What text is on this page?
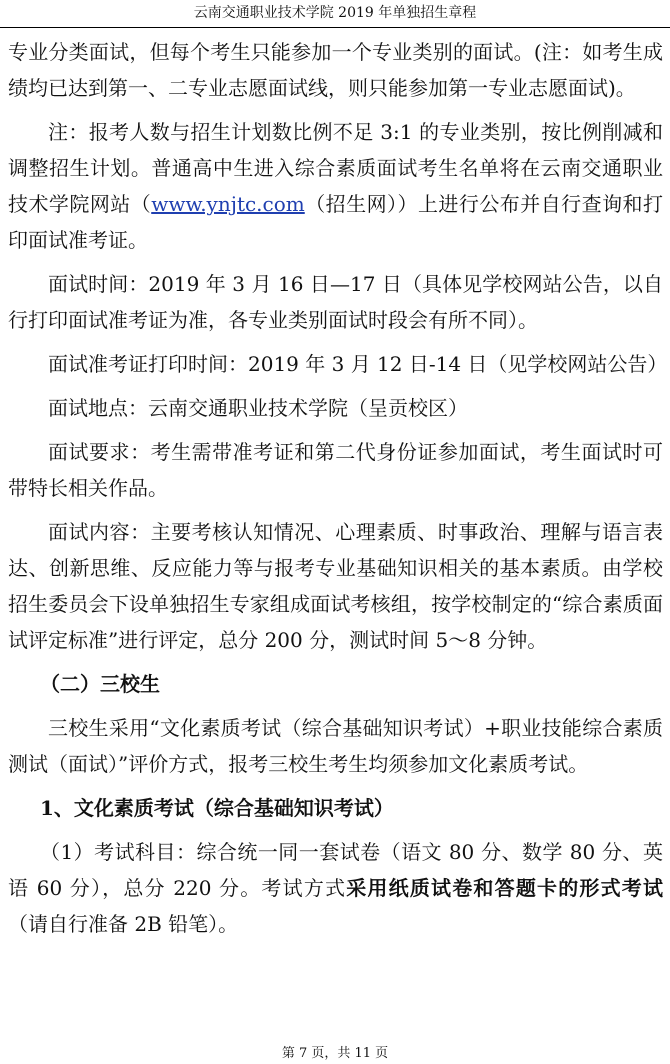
云南交通职业技术学院 2019 年单独招生章程

专业分类面试，但每个考生只能参加一个专业类别的面试。(注：如考生成绩均已达到第一、二专业志愿面试线，则只能参加第一专业志愿面试)。

注：报考人数与招生计划数比例不足 3:1 的专业类别，按比例削减和调整招生计划。普通高中生进入综合素质面试考生名单将在云南交通职业技术学院网站（www.ynjtc.com（招生网））上进行公布并自行查询和打印面试准考证。

面试时间：2019 年 3 月 16 日—17 日（具体见学校网站公告，以自行打印面试准考证为准，各专业类别面试时段会有所不同）。

面试准考证打印时间：2019 年 3 月 12 日-14 日（见学校网站公告）

面试地点：云南交通职业技术学院（呈贡校区）

面试要求：考生需带准考证和第二代身份证参加面试，考生面试时可带特长相关作品。

面试内容：主要考核认知情况、心理素质、时事政治、理解与语言表达、创新思维、反应能力等与报考专业基础知识相关的基本素质。由学校招生委员会下设单独招生专家组成面试考核组，按学校制定的“综合素质面试评定标准”进行评定，总分 200 分，测试时间 5～8 分钟。

（二）三校生

三校生采用“文化素质考试（综合基础知识考试）+职业技能综合素质测试（面试）”评价方式，报考三校生考生均须参加文化素质考试。

1、文化素质考试（综合基础知识考试）

（1）考试科目：综合统一同一套试卷（语文 80 分、数学 80 分、英语 60 分），总分 220 分。考试方式采用纸质试卷和答题卡的形式考试（请自行准备 2B 铅笔）。

第 7 页，共 11 页
